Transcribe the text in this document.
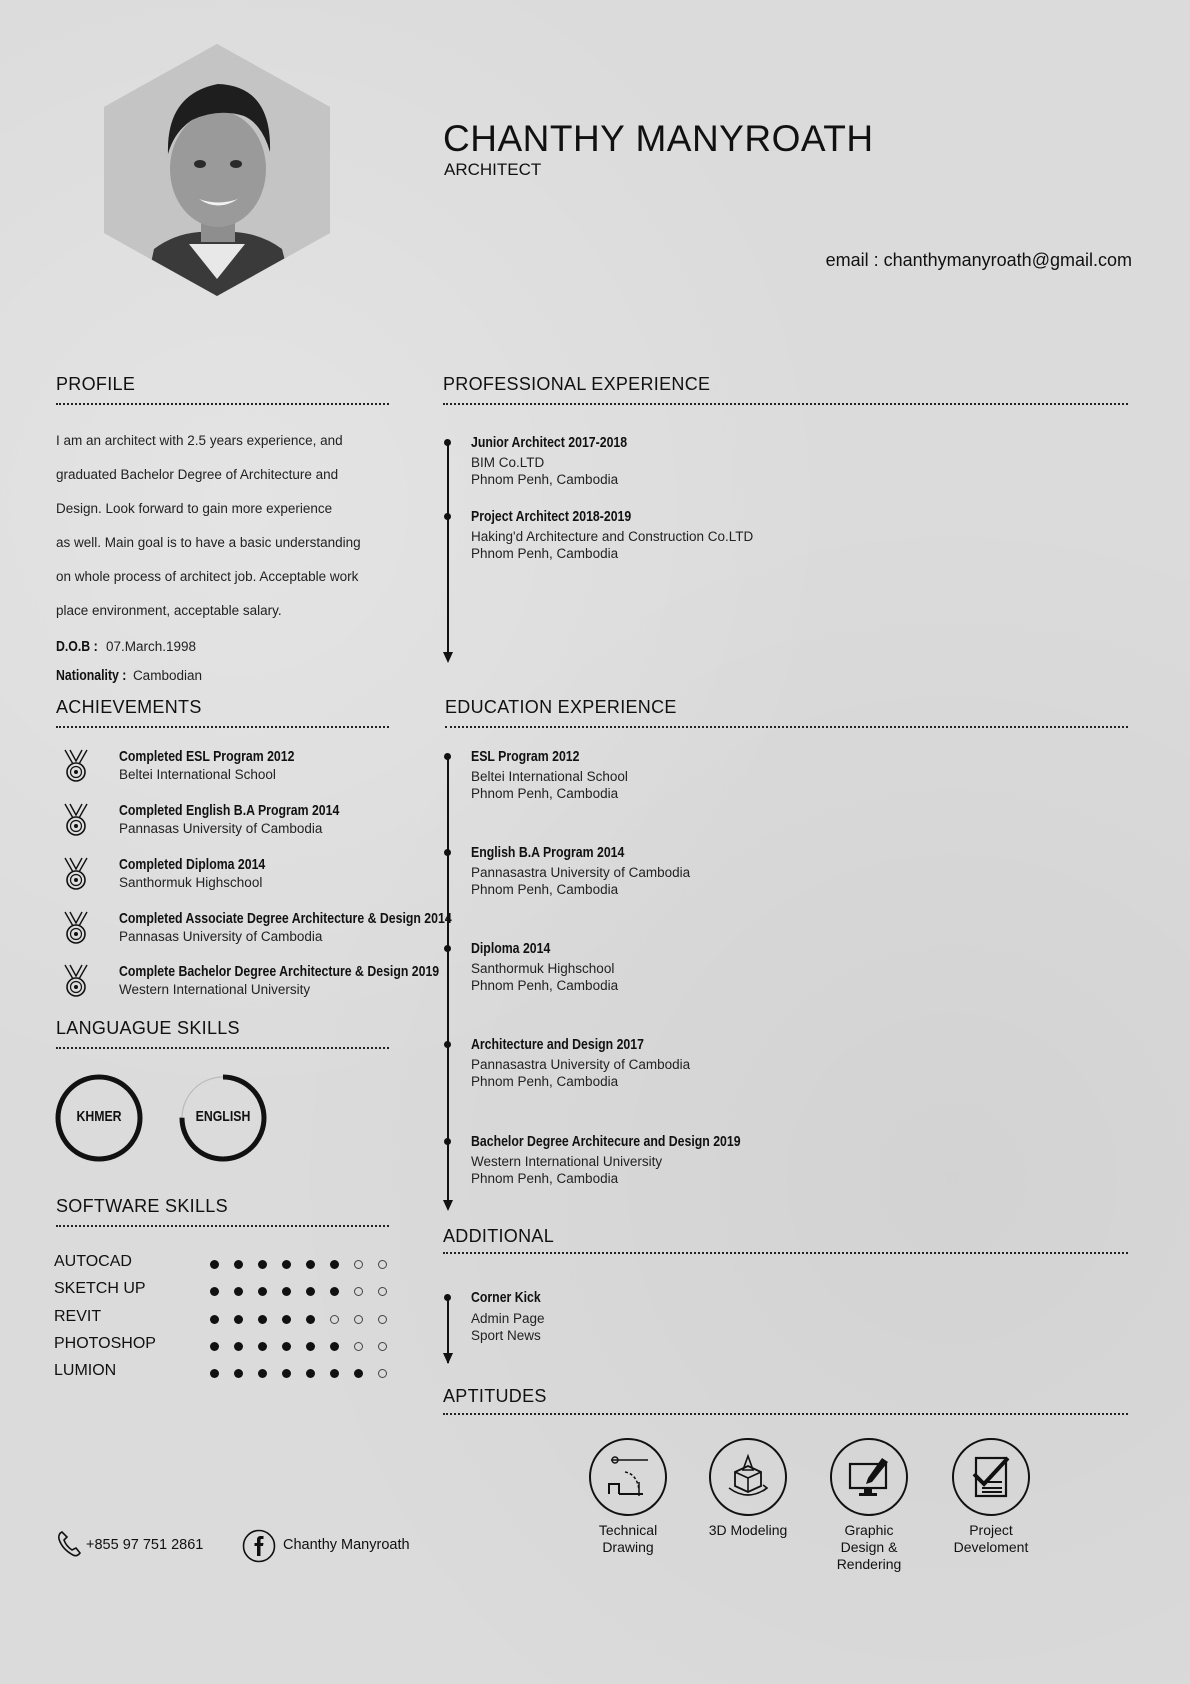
CHANTHY MANYROATH
ARCHITECT
email : chanthymanyroath@gmail.com
PROFILE
I am an architect with 2.5 years experience, and
graduated Bachelor Degree of Architecture and
Design. Look forward to gain more experience
as well. Main goal is to have a basic understanding
on whole process of architect job. Acceptable work
place environment, acceptable salary.
D.O.B : 07.March.1998
Nationality : Cambodian
ACHIEVEMENTS
Completed ESL Program 2012
Beltei International School
Completed English B.A Program 2014
Pannasas University of Cambodia
Completed Diploma 2014
Santhormuk Highschool
Completed Associate Degree Architecture & Design 2014
Pannasas University of Cambodia
Complete Bachelor Degree Architecture & Design 2019
Western International University
LANGUAGUE SKILLS
KHMER	ENGLISH
SOFTWARE SKILLS
AUTOCAD
SKETCH UP
REVIT
PHOTOSHOP
LUMION
+855 97 751 2861	Chanthy Manyroath
PROFESSIONAL EXPERIENCE
Junior Architect 2017-2018
BIM Co.LTD
Phnom Penh, Cambodia
Project Architect 2018-2019
Haking'd Architecture and Construction Co.LTD
Phnom Penh, Cambodia
EDUCATION EXPERIENCE
ESL Program 2012
Beltei International School
Phnom Penh, Cambodia
English B.A Program 2014
Pannasastra University of Cambodia
Phnom Penh, Cambodia
Diploma 2014
Santhormuk Highschool
Phnom Penh, Cambodia
Architecture and Design 2017
Pannasastra University of Cambodia
Phnom Penh, Cambodia
Bachelor Degree Architecure and Design 2019
Western International University
Phnom Penh, Cambodia
ADDITIONAL
Corner Kick
Admin Page
Sport News
APTITUDES
Technical
Drawing
3D Modeling	Graphic
Design &
Rendering
Project
Develoment
